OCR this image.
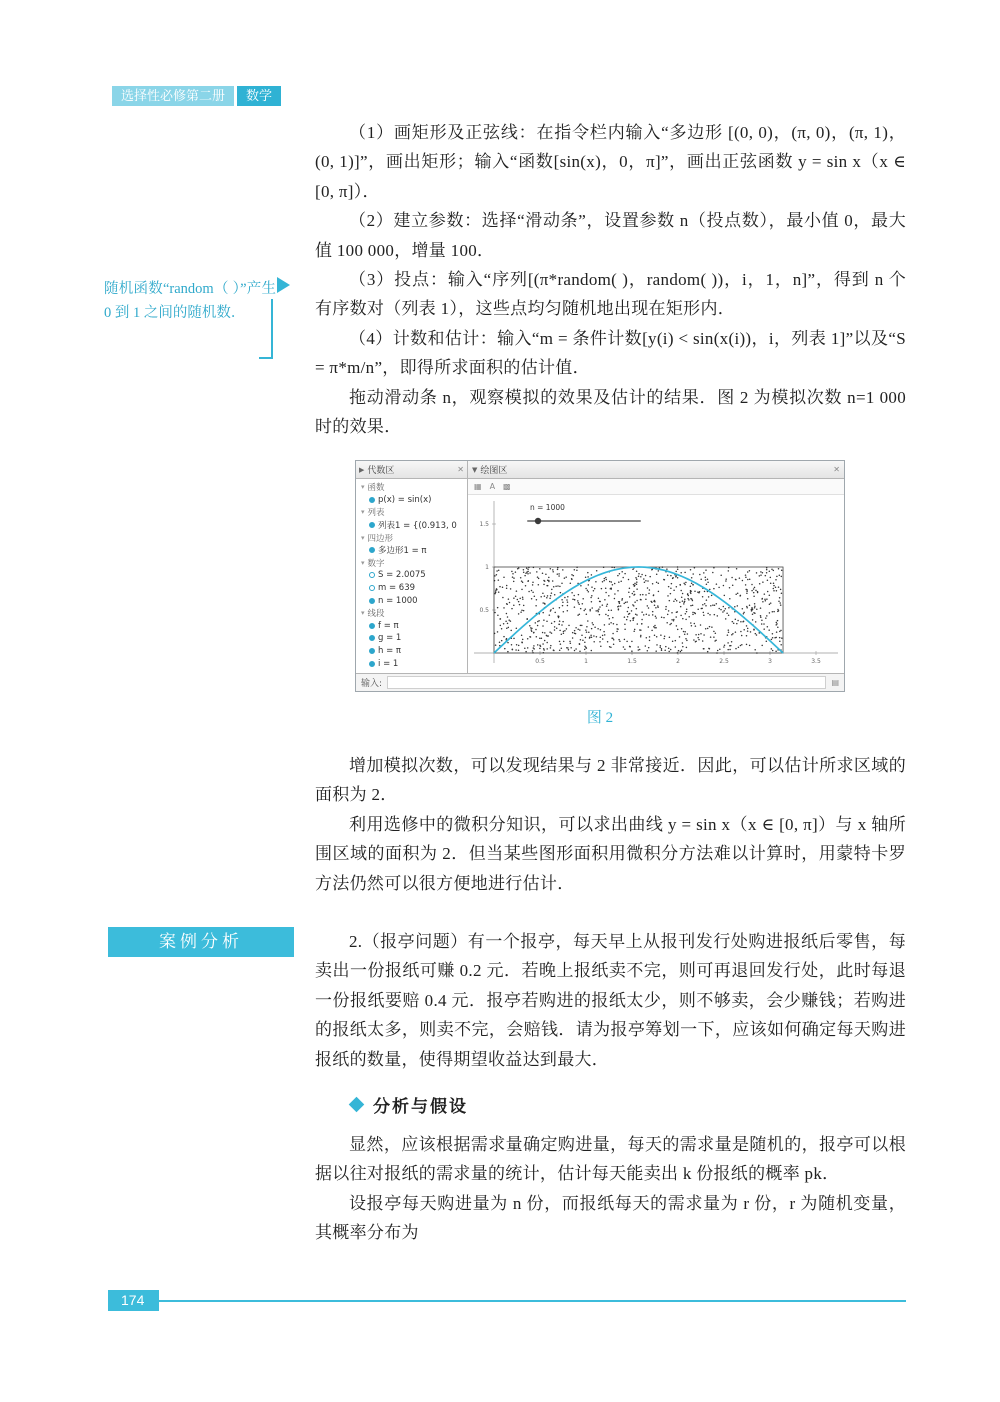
选择性必修第二册	数学
随机函数“random（ ）”产生 0 到 1 之间的随机数．

（1）画矩形及正弦线：在指令栏内输入“多边形 [(0, 0)，(π, 0)，(π, 1)，(0, 1)]”，画出矩形；输入“函数[sin(x)，0，π]”，画出正弦函数 y = sin x（x ∈ [0, π]）．

（2）建立参数：选择“滑动条”，设置参数 n（投点数），最小值 0，最大值 100 000，增量 100．

（3）投点：输入“序列[(π*random( )，random( ))，i，1，n]”，得到 n 个有序数对（列表 1），这些点均匀随机地出现在矩形内．

（4）计数和估计：输入“m = 条件计数[y(i) < sin(x(i))，i，列表 1]”以及“S = π*m/n”，即得所求面积的估计值．

拖动滑动条 n，观察模拟的效果及估计的结果．图 2 为模拟次数 n=1 000 时的效果．

▶ 代数区	✕ ▼ 绘图区	✕
▾ 函数
p(x) = sin(x)
▾ 列表
列表1 = {(0.913, 0
▾ 四边形
多边形1 = π
▾ 数字
S = 2.0075
m = 639
n = 1000
▾ 线段
f = π
g = 1
h = π
i = 1
▦ A ▩
0.5	1	1.5	2	2.5	3	3.5
0.5
1
1.5
n = 1000
输入:	▤
图 2

增加模拟次数，可以发现结果与 2 非常接近．因此，可以估计所求区域的面积为 2．

利用选修中的微积分知识，可以求出曲线 y = sin x（x ∈ [0, π]）与 x 轴所围区域的面积为 2．但当某些图形面积用微积分方法难以计算时，用蒙特卡罗方法仍然可以很方便地进行估计．

案例分析	2.（报亭问题）有一个报亭，每天早上从报刊发行处购进报纸后零售，每卖出一份报纸可赚 0.2 元．若晚上报纸卖不完，则可再退回发行处，此时每退一份报纸要赔 0.4 元．报亭若购进的报纸太少，则不够卖，会少赚钱；若购进的报纸太多，则卖不完，会赔钱．请为报亭筹划一下，应该如何确定每天购进报纸的数量，使得期望收益达到最大．

分析与假设

显然，应该根据需求量确定购进量，每天的需求量是随机的，报亭可以根据以往对报纸的需求量的统计，估计每天能卖出 k 份报纸的概率 pk．

设报亭每天购进量为 n 份，而报纸每天的需求量为 r 份，r 为随机变量，其概率分布为

174
